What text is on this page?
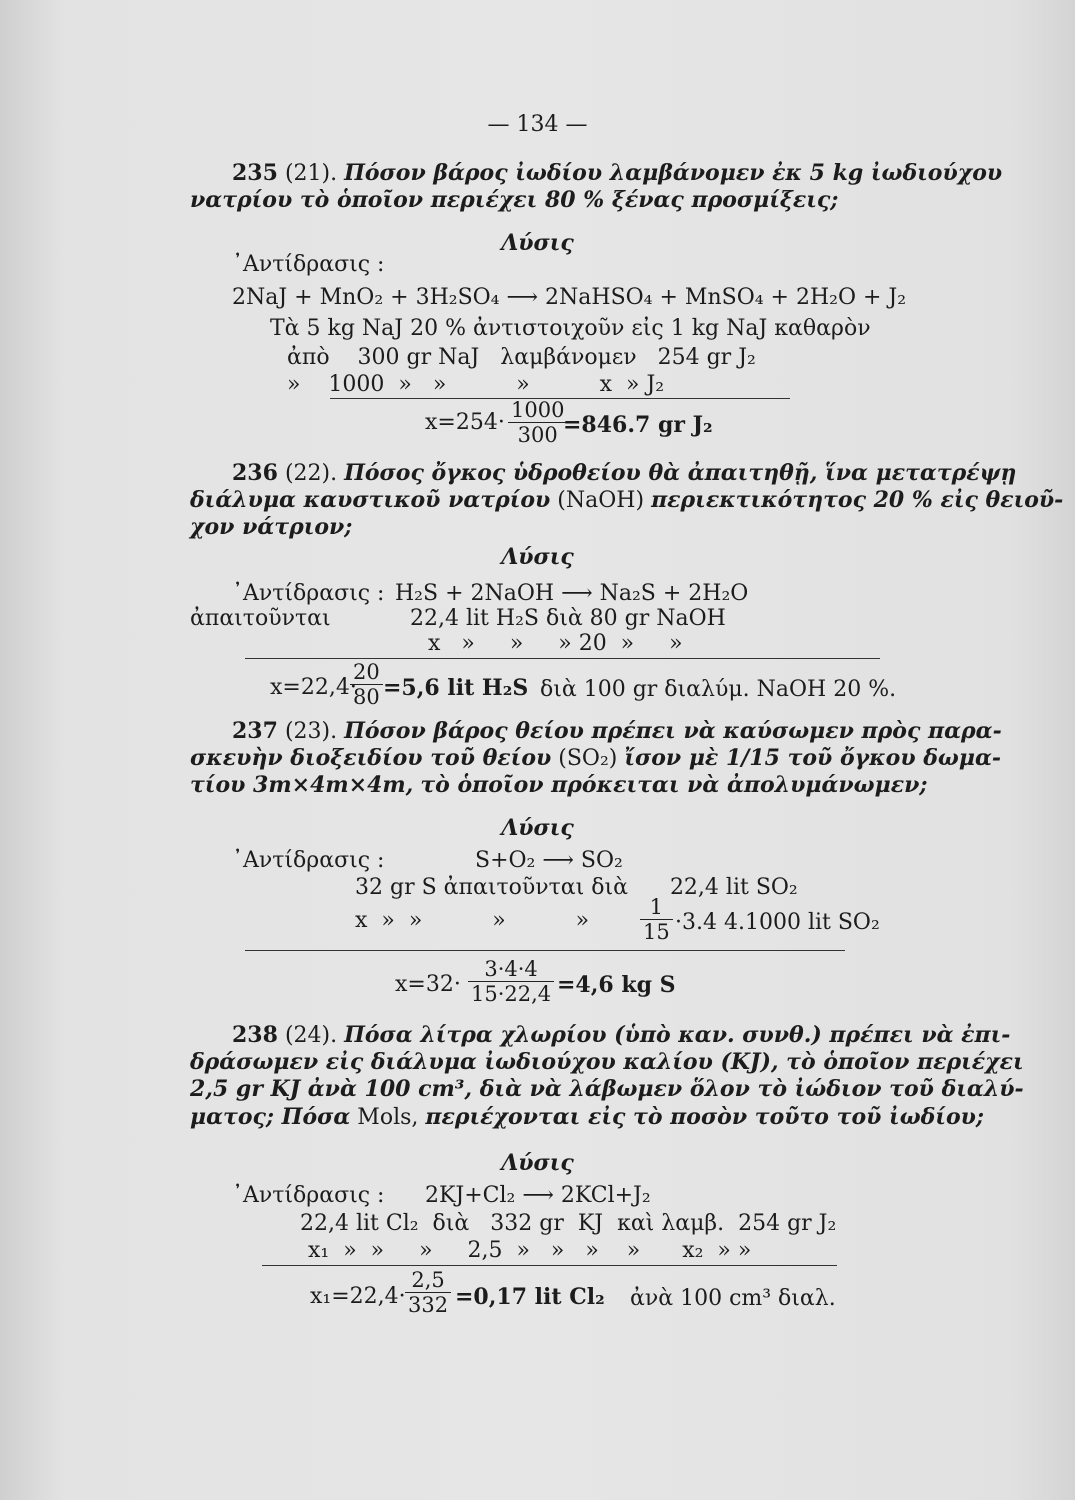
— 134 —
235 (21). Πόσον βάρος ἰωδίου λαμβάνομεν ἐκ 5 kg ἰωδιούχου
νατρίου τὸ ὁποῖον περιέχει 80 % ξένας προσμίξεις;
Λύσις
᾿Αντίδρασις :
2NaJ + MnO₂ + 3H₂SO₄ ⟶ 2NaHSO₄ + MnSO₄ + 2H₂O + J₂
Τὰ 5 kg NaJ 20 % ἀντιστοιχοῦν εἰς 1 kg NaJ καθαρὸν
ἀπὸ    300 gr NaJ   λαμβάνομεν   254 gr J₂
»    1000  »   »          »          x  » J₂
$x=254\cdot \frac{1000}{300}$
=846.7 gr J₂
236 (22). Πόσος ὄγκος ὑδροθείου θὰ ἀπαιτηθῇ, ἵνα μετατρέψῃ
διάλυμα καυστικοῦ νατρίου (NaOH) περιεκτικότητος 20 % εἰς θειοῦ-
χον νάτριον;
Λύσις
᾿Αντίδρασις : H₂S + 2NaOH ⟶ Na₂S + 2H₂O
ἀπαιτοῦνται	22,4 lit H₂S διὰ 80 gr NaOH
x   »     »     » 20  »     »
x=22,4·
$\frac{20}{80} =5,6$ lit H₂S διὰ 100 gr διαλύμ. NaOH 20 %.
237 (23). Πόσον βάρος θείου πρέπει νὰ καύσωμεν πρὸς παρα-
σκευὴν διοξειδίου τοῦ θείου (SO₂) ἴσον μὲ 1/15 τοῦ ὄγκου δωμα-
τίου 3m×4m×4m, τὸ ὁποῖον πρόκειται νὰ ἀπολυμάνωμεν;
Λύσις
᾿Αντίδρασις :	S+O₂ ⟶ SO₂
32 gr S ἀπαιτοῦνται διὰ      22,4 lit SO₂
x  »  »          »          » $\frac{1}{15} \cdot 3.4$ 4.1000 lit SO₂
$x=32\cdot \frac{3\cdot 4\cdot 4}{15\cdot 22,4} =4,6$ kg S
238 (24). Πόσα λίτρα χλωρίου (ὑπὸ καν. συνθ.) πρέπει νὰ ἐπι-
δράσωμεν εἰς διάλυμα ἰωδιούχου καλίου (KJ), τὸ ὁποῖον περιέχει
2,5 gr KJ ἀνὰ 100 cm³, διὰ νὰ λάβωμεν ὅλον τὸ ἰώδιον τοῦ διαλύ-
ματος; Πόσα Mols, περιέχονται εἰς τὸ ποσὸν τοῦτο τοῦ ἰωδίου;
Λύσις
᾿Αντίδρασις : 2KJ+Cl₂ ⟶ 2KCl+J₂
22,4 lit Cl₂  διὰ   332 gr  KJ  καὶ λαμβ.  254 gr J₂
x₁  »  »     »     2,5  »   »   »    »      x₂  » »
$x_1=22,4\cdot \frac{2,5}{332} =0,17$ lit Cl₂ ἀνὰ 100 cm³ διαλ.
